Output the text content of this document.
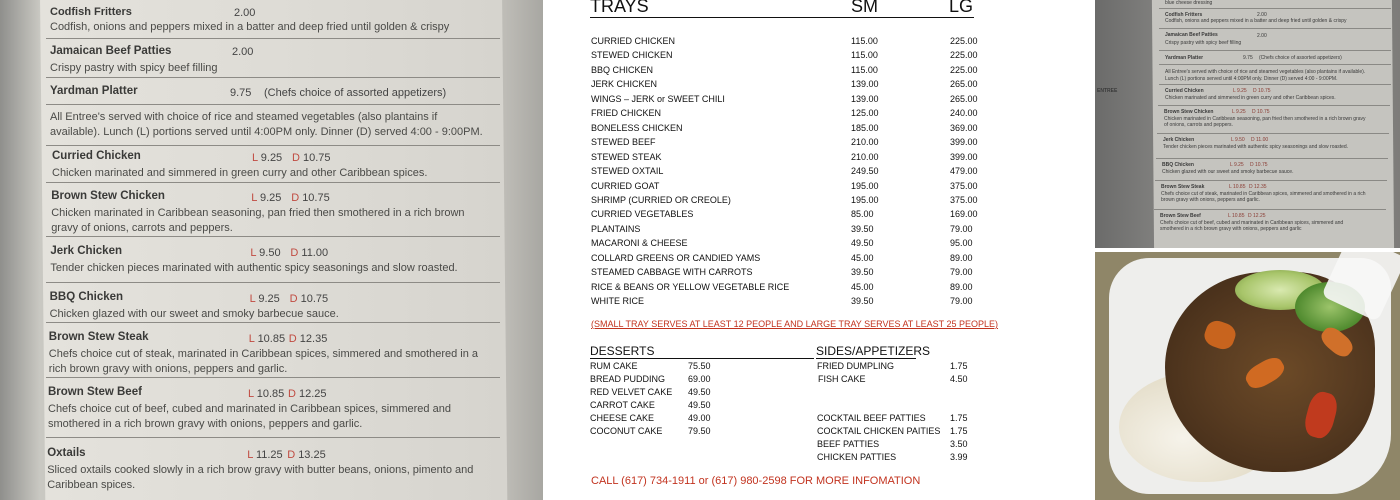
Codfish Fritters	2.00
Codfish, onions and peppers mixed in a batter and deep fried until golden & crispy
Jamaican Beef Patties	2.00
Crispy pastry with spicy beef filling
Yardman Platter	9.75 (Chefs choice of assorted appetizers)
All Entree's served with choice of rice and steamed vegetables (also plantains if available). Lunch (L) portions served until 4:00PM only. Dinner (D) served 4:00 - 9:00PM.
Curried Chicken	L 9.25 D 10.75
Chicken marinated and simmered in green curry and other Caribbean spices.
Brown Stew Chicken	L 9.25 D 10.75
Chicken marinated in Caribbean seasoning, pan fried then smothered in a rich brown gravy of onions, carrots and peppers.
Jerk Chicken	L 9.50 D 11.00
Tender chicken pieces marinated with authentic spicy seasonings and slow roasted.
BBQ Chicken	L 9.25 D 10.75
Chicken glazed with our sweet and smoky barbecue sauce.
Brown Stew Steak	L 10.85 D 12.35
Chefs choice cut of steak, marinated in Caribbean spices, simmered and smothered in a rich brown gravy with onions, peppers and garlic.
Brown Stew Beef	L 10.85 D 12.25
Chefs choice cut of beef, cubed and marinated in Caribbean spices, simmered and smothered in a rich brown gravy with onions, peppers and garlic.
Oxtails	L 11.25 D 13.25
Sliced oxtails cooked slowly in a rich brow gravy with butter beans, onions, pimento and Caribbean spices.
TRAYS	SM	LG
CURRIED CHICKEN	115.00	225.00
STEWED CHICKEN	115.00	225.00
BBQ CHICKEN	115.00	225.00
JERK CHICKEN	139.00	265.00
WINGS – JERK or SWEET CHILI	139.00	265.00
FRIED CHICKEN	125.00	240.00
BONELESS CHICKEN	185.00	369.00
STEWED BEEF	210.00	399.00
STEWED STEAK	210.00	399.00
STEWED OXTAIL	249.50	479.00
CURRIED GOAT	195.00	375.00
SHRIMP (CURRIED OR CREOLE)	195.00	375.00
CURRIED VEGETABLES	85.00	169.00
PLANTAINS	39.50	79.00
MACARONI & CHEESE	49.50	95.00
COLLARD GREENS OR CANDIED YAMS	45.00	89.00
STEAMED CABBAGE WITH CARROTS	39.50	79.00
RICE & BEANS OR YELLOW VEGETABLE RICE	45.00	89.00
WHITE RICE	39.50	79.00
(SMALL TRAY SERVES AT LEAST 12 PEOPLE AND LARGE TRAY SERVES AT LEAST 25 PEOPLE)
DESSERTS	SIDES/APPETIZERS
RUM CAKE	75.50
BREAD PUDDING	69.00
RED VELVET CAKE 49.50
CARROT CAKE	49.50
CHEESE CAKE	49.00
COCONUT CAKE	79.50
FRIED DUMPLING	1.75
FISH CAKE	4.50
COCKTAIL BEEF PATTIES	1.75
COCKTAIL CHICKEN PAITIES 1.75
BEEF PATTIES	3.50
CHICKEN PATTIES	3.99
CALL (617) 734-1911 or (617) 980-2598 FOR MORE INFOMATION
blue cheese dressing
Codfish Fritters	2.00
Codfish, onions and peppers mixed in a batter and deep fried until golden & crispy
Jamaican Beef Patties	2.00
Crispy pastry with spicy beef filling
Yardman Platter	9.75 (Chefs choice of assorted appetizers)
All Entree's served with choice of rice and steamed vegetables (also plantains if available).
Lunch (L) portions served until 4:00PM only. Dinner (D) served 4:00 - 9:00PM.
ENTREE	Curried Chicken	L 9.25 D 10.75
Chicken marinated and simmered in green curry and other Caribbean spices.
Brown Stew Chicken	L 9.25 D 10.75
Chicken marinated in Caribbean seasoning, pan fried then smothered in a rich brown gravy
of onions, carrots and peppers.
Jerk Chicken	L 9.50 D 11.00
Tender chicken pieces marinated with authentic spicy seasonings and slow roasted.
BBQ Chicken	L 9.25 D 10.75
Chicken glazed with our sweet and smoky barbecue sauce.
Brown Stew Steak	L 10.85 D 12.35
Chefs choice cut of steak, marinated in Caribbean spices, simmered and smothered in a rich
brown gravy with onions, peppers and garlic.
Brown Stew Beef	L 10.85 D 12.25
Chefs choice cut of beef, cubed and marinated in Caribbean spices, simmered and
smothered in a rich brown gravy with onions, peppers and garlic
